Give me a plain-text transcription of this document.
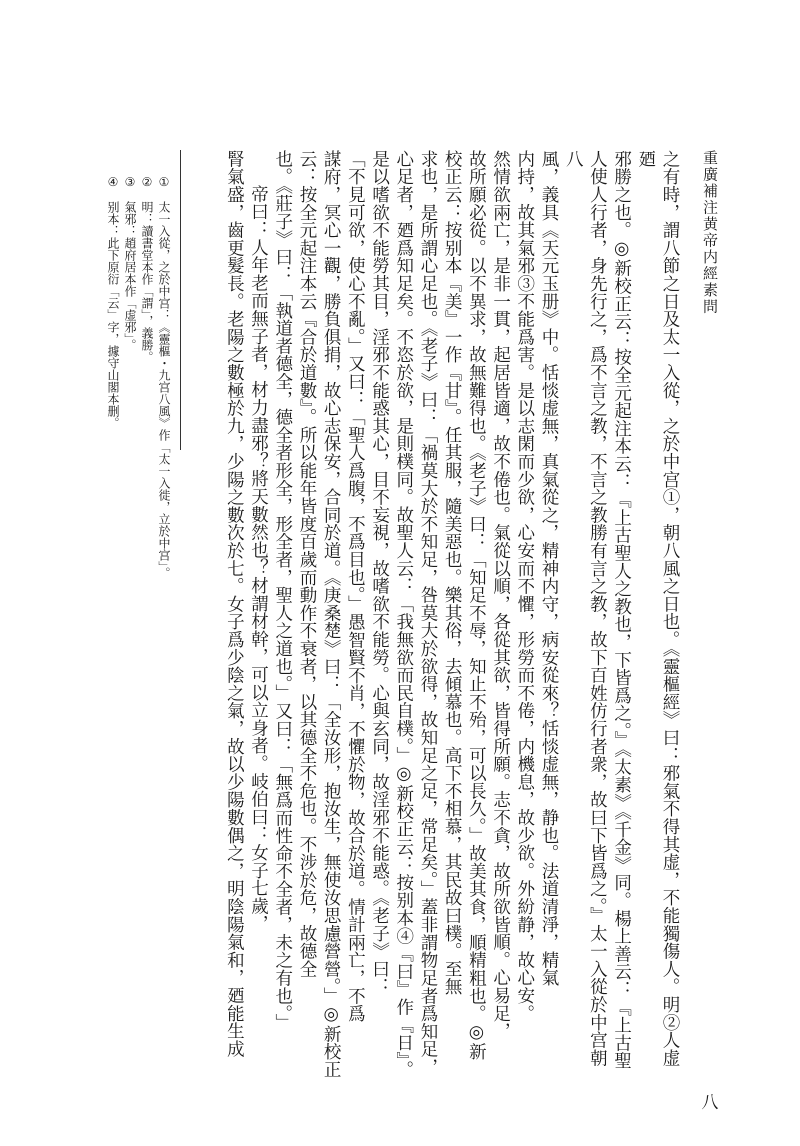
重廣補注黄帝内經素問
之有時，謂八節之日及太一入從，之於中宫①，朝八風之日也。《靈樞經》曰：邪氣不得其虚，不能獨傷人。明②人虚廼
邪勝之也。◎新校正云：按全元起注本云：『上古聖人之教也，下皆爲之。』《太素》《千金》同。楊上善云：『上古聖
人使人行者，身先行之，爲不言之教，不言之教勝有言之教，故下百姓仿行者衆，故曰下皆爲之。』太一入從於中宫朝八
風，義具《天元玉册》中。恬惔虚無，真氣從之，精神内守，病安從來？恬惔虚無，静也。法道清淨，精氣
内持，故其氣邪③不能爲害。是以志閑而少欲，心安而不懼，形勞而不倦，内機息，故少欲。外紛静，故心安。
然情欲兩亡，是非一貫，起居皆適，故不倦也。氣從以順，各從其欲，皆得所願。志不貪，故所欲皆順。心易足，
故所願必從。以不異求，故無難得也。《老子》曰：「知足不辱，知止不殆，可以長久。」故美其食，順精粗也。◎新
校正云：按别本『美』一作『甘』。任其服，隨美惡也。樂其俗，去傾慕也。高下不相慕，其民故曰樸。至無
求也，是所謂心足也。《老子》曰：「禍莫大於不知足，咎莫大於欲得，故知足之足，常足矣。」蓋非謂物足者爲知足，
心足者，廼爲知足矣。不恣於欲，是則樸同。故聖人云：「我無欲而民自樸。」◎新校正云：按别本④『曰』作『日』。
是以嗜欲不能勞其目，淫邪不能惑其心，目不妄視，故嗜欲不能勞。心與玄同，故淫邪不能惑。《老子》曰：
「不見可欲，使心不亂。」又曰：「聖人爲腹，不爲目也。」愚智賢不肖，不懼於物，故合於道。情計兩亡，不爲
謀府，冥心一觀，勝負俱捐，故心志保安，合同於道。《庚桑楚》曰：「全汝形，抱汝生，無使汝思慮營營。」◎新校正
云：按全元起注本云『合於道數』。所以能年皆度百歲而動作不衰者，以其德全不危也。不涉於危，故德全
也。《莊子》曰：「執道者德全，德全者形全，形全者，聖人之道也。」又曰：「無爲而性命不全者，未之有也。」
帝曰：人年老而無子者，材力盡邪？將天數然也？材謂材幹，可以立身者。岐伯曰：女子七歲，
腎氣盛，齒更髮長。老陽之數極於九，少陽之數次於七。女子爲少陰之氣，故以少陽數偶之，明陰陽氣和，廼能生成
①　太一入從，之於中宫：《靈樞・九宫八風》作「太一入徙，立於中宫」。
②　明：讀書堂本作「謂」，義勝。
③　氣邪：趙府居本作「虚邪」。
④　别本：此下原衍「云」字，據守山閣本删。
八
